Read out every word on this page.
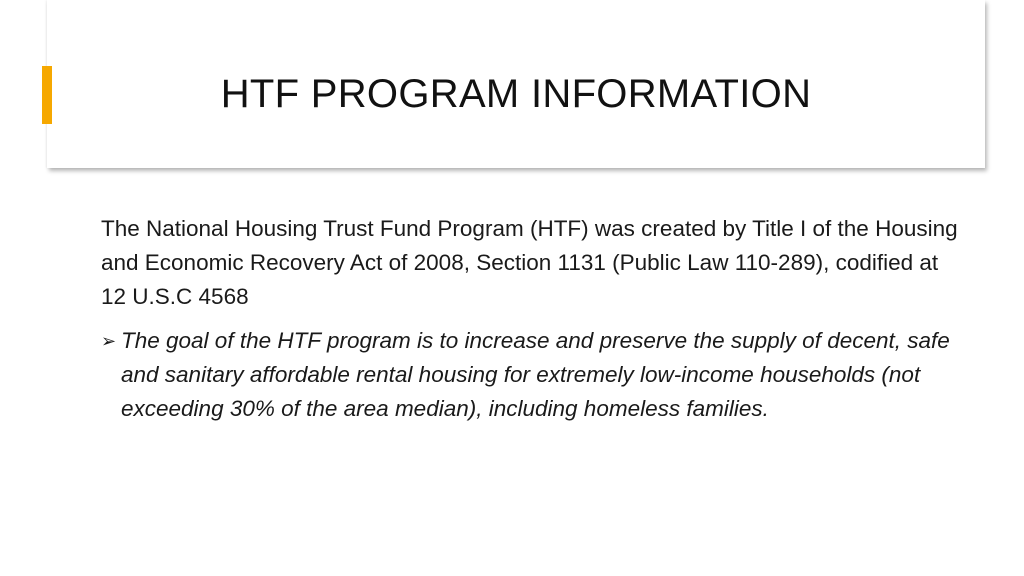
HTF PROGRAM INFORMATION

The National Housing Trust Fund Program (HTF) was created by Title I of the Housing and Economic Recovery Act of 2008, Section 1131 (Public Law 110-289), codified at 12 U.S.C 4568

➢ The goal of the HTF program is to increase and preserve the supply of decent, safe and sanitary affordable rental housing for extremely low-income households (not exceeding 30% of the area median), including homeless families.
